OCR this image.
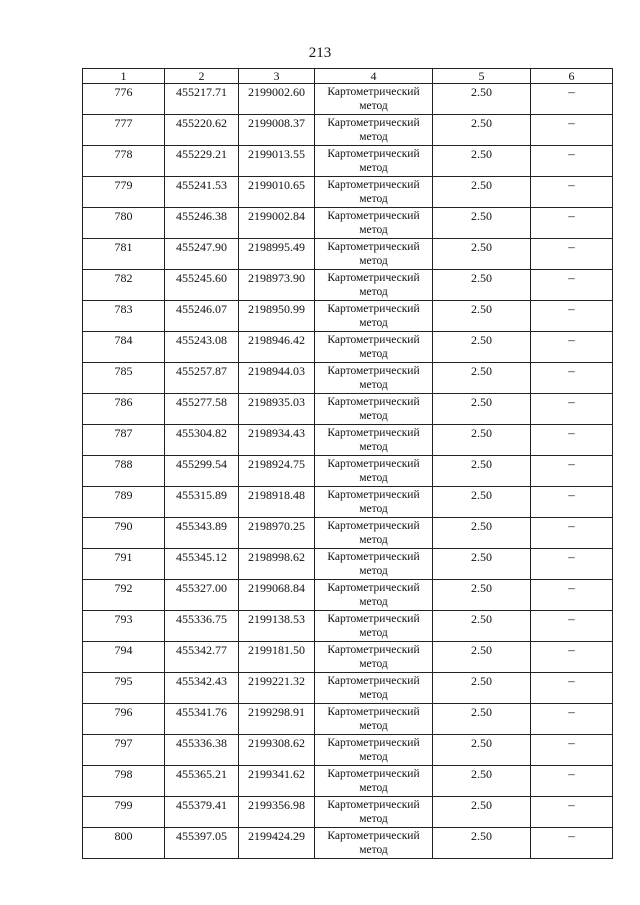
213
1	2	3	4	5	6
776	455217.71	2199002.60	Картометрический метод	2.50	–
777	455220.62	2199008.37	Картометрический метод	2.50	–
778	455229.21	2199013.55	Картометрический метод	2.50	–
779	455241.53	2199010.65	Картометрический метод	2.50	–
780	455246.38	2199002.84	Картометрический метод	2.50	–
781	455247.90	2198995.49	Картометрический метод	2.50	–
782	455245.60	2198973.90	Картометрический метод	2.50	–
783	455246.07	2198950.99	Картометрический метод	2.50	–
784	455243.08	2198946.42	Картометрический метод	2.50	–
785	455257.87	2198944.03	Картометрический метод	2.50	–
786	455277.58	2198935.03	Картометрический метод	2.50	–
787	455304.82	2198934.43	Картометрический метод	2.50	–
788	455299.54	2198924.75	Картометрический метод	2.50	–
789	455315.89	2198918.48	Картометрический метод	2.50	–
790	455343.89	2198970.25	Картометрический метод	2.50	–
791	455345.12	2198998.62	Картометрический метод	2.50	–
792	455327.00	2199068.84	Картометрический метод	2.50	–
793	455336.75	2199138.53	Картометрический метод	2.50	–
794	455342.77	2199181.50	Картометрический метод	2.50	–
795	455342.43	2199221.32	Картометрический метод	2.50	–
796	455341.76	2199298.91	Картометрический метод	2.50	–
797	455336.38	2199308.62	Картометрический метод	2.50	–
798	455365.21	2199341.62	Картометрический метод	2.50	–
799	455379.41	2199356.98	Картометрический метод	2.50	–
800	455397.05	2199424.29	Картометрический метод	2.50	–
